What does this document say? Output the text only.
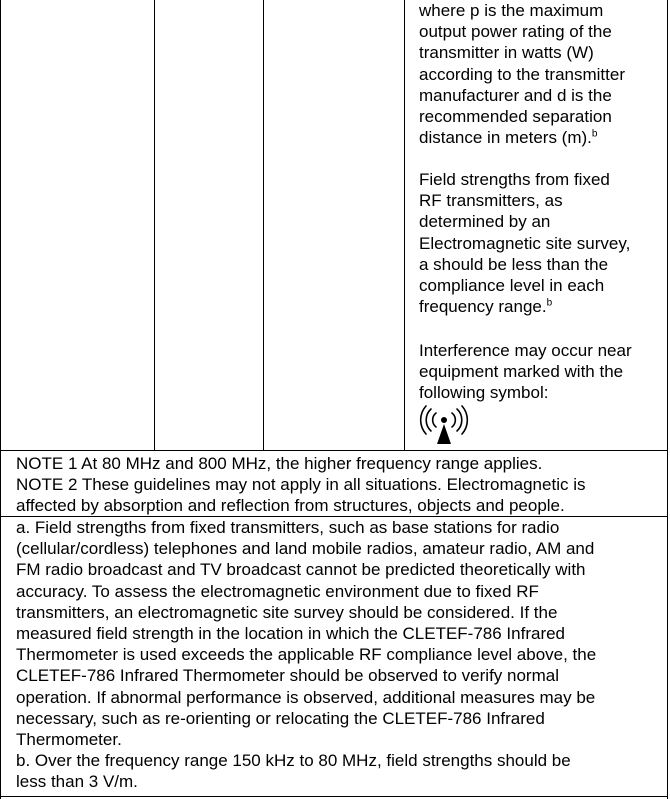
where p is the maximum
output power rating of the
transmitter in watts (W)
according to the transmitter
manufacturer and d is the
recommended separation
distance in meters (m).$^b$
Field strengths from fixed
RF transmitters, as
determined by an
Electromagnetic site survey,
a should be less than the
compliance level in each
frequency range.$^b$
Interference may occur near
equipment marked with the
following symbol:
NOTE 1 At 80 MHz and 800 MHz, the higher frequency range applies.
NOTE 2 These guidelines may not apply in all situations. Electromagnetic is
affected by absorption and reflection from structures, objects and people.
a. Field strengths from fixed transmitters, such as base stations for radio
(cellular/cordless) telephones and land mobile radios, amateur radio, AM and
FM radio broadcast and TV broadcast cannot be predicted theoretically with
accuracy. To assess the electromagnetic environment due to fixed RF
transmitters, an electromagnetic site survey should be considered. If the
measured field strength in the location in which the CLETEF-786 Infrared
Thermometer is used exceeds the applicable RF compliance level above, the
CLETEF-786 Infrared Thermometer should be observed to verify normal
operation. If abnormal performance is observed, additional measures may be
necessary, such as re-orienting or relocating the CLETEF-786 Infrared
Thermometer.
b. Over the frequency range 150 kHz to 80 MHz, field strengths should be
less than 3 V/m.
